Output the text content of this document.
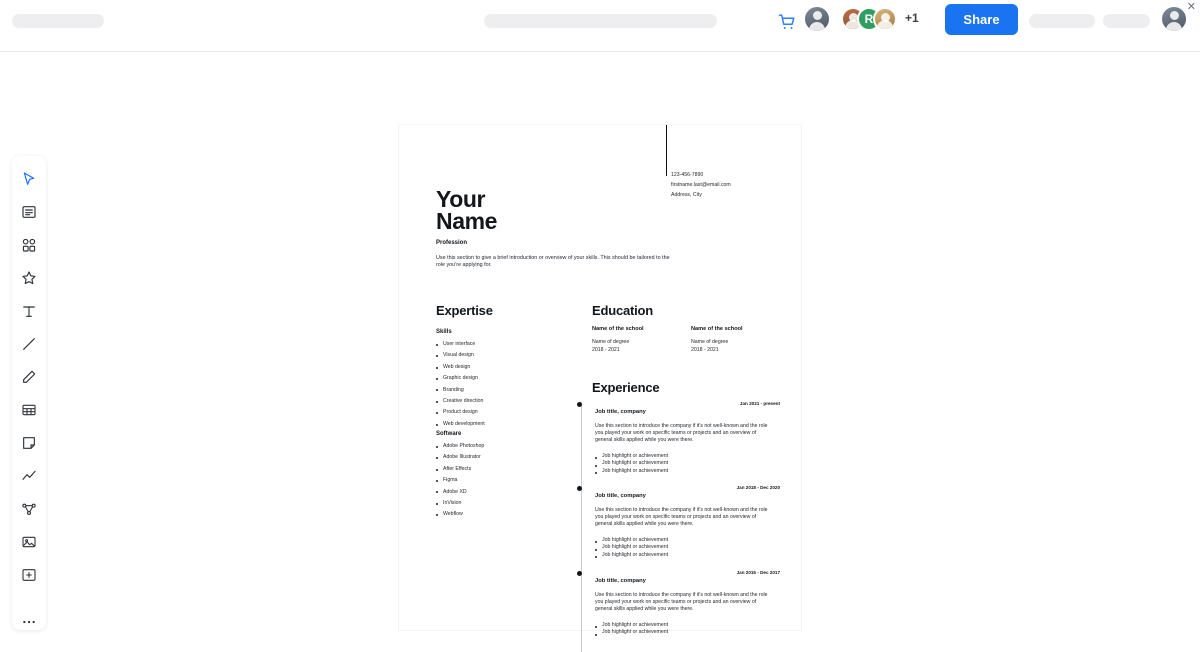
R	+1	Share
✕
123-456-7890
firstname.last@email.com
Address, City
Your
Name
Profession
Use this section to give a brief introduction or overview of your skills. This should be tailored to the role you're applying for.
Expertise
Skills
User interface
Visual design
Web design
Graphic design
Branding
Creative direction
Product design
Web development
Software
Adobe Photoshop
Adobe Illustrator
After Effects
Figma
Adobe XD
InVision
Webflow
Education
Name of the school
Name of degree
2018 - 2021
Name of the school
Name of degree
2018 - 2021
Experience
Job title, company
Jan 2021 - present
Use this section to introduce the company if it's not well-known and the role you played your work on specific teams or projects and an overview of general skills applied while you were there.
Job highlight or achievement
Job highlight or achievement
Job highlight or achievement
Job title, company
Jan 2018 - Dec 2020
Use this section to introduce the company if it's not well-known and the role you played your work on specific teams or projects and an overview of general skills applied while you were there.
Job highlight or achievement
Job highlight or achievement
Job highlight or achievement
Job title, company
Jan 2015 - Dec 2017
Use this section to introduce the company if it's not well-known and the role you played your work on specific teams or projects and an overview of general skills applied while you were there.
Job highlight or achievement
Job highlight or achievement
